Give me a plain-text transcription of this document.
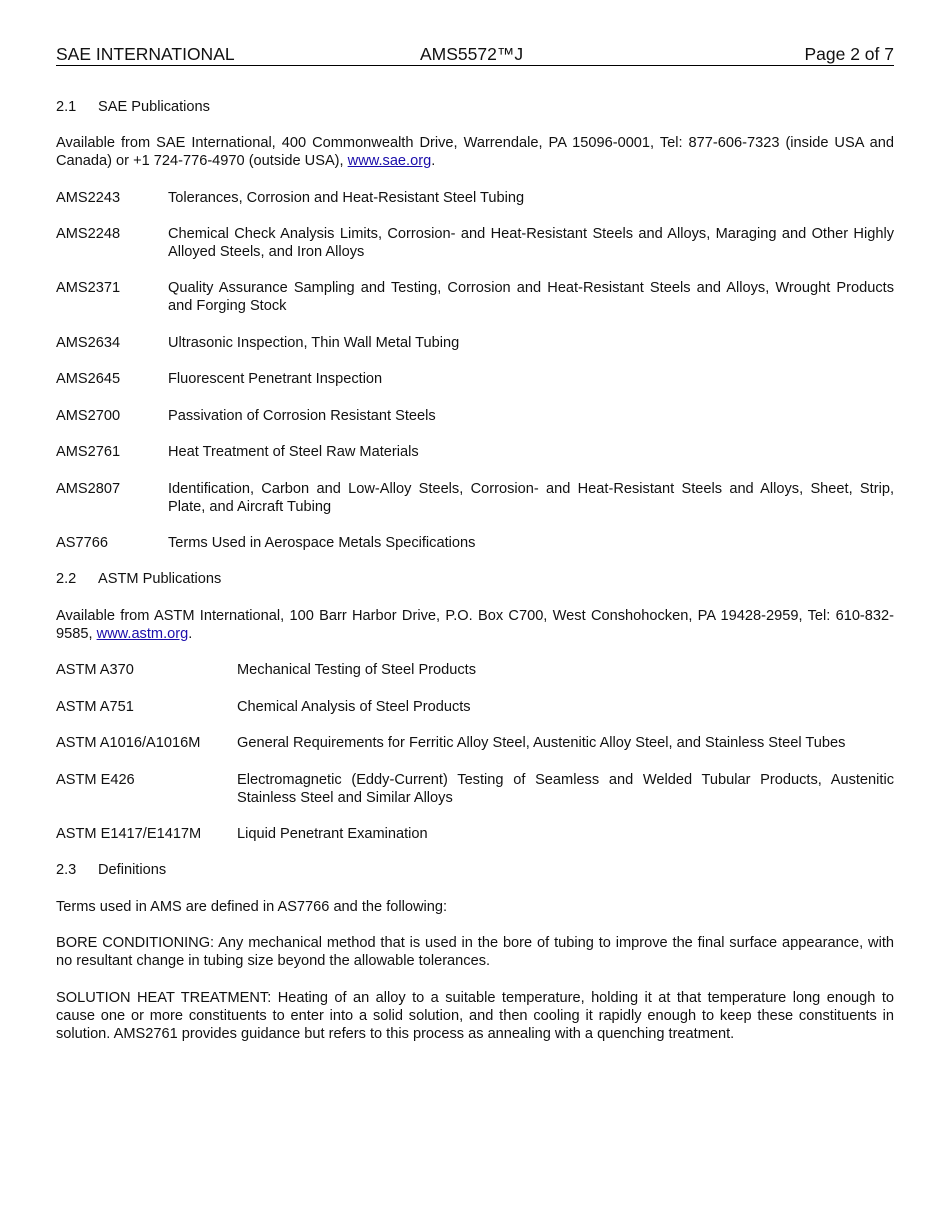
SAE INTERNATIONAL	AMS5572™J	Page 2 of 7
2.1 SAE Publications
Available from SAE International, 400 Commonwealth Drive, Warrendale, PA 15096-0001, Tel: 877-606-7323 (inside USA and Canada) or +1 724-776-4970 (outside USA), www.sae.org.
AMS2243	Tolerances, Corrosion and Heat-Resistant Steel Tubing
AMS2248	Chemical Check Analysis Limits, Corrosion- and Heat-Resistant Steels and Alloys, Maraging and Other Highly Alloyed Steels, and Iron Alloys
AMS2371	Quality Assurance Sampling and Testing, Corrosion and Heat-Resistant Steels and Alloys, Wrought Products and Forging Stock
AMS2634	Ultrasonic Inspection, Thin Wall Metal Tubing
AMS2645	Fluorescent Penetrant Inspection
AMS2700	Passivation of Corrosion Resistant Steels
AMS2761	Heat Treatment of Steel Raw Materials
AMS2807	Identification, Carbon and Low-Alloy Steels, Corrosion- and Heat-Resistant Steels and Alloys, Sheet, Strip, Plate, and Aircraft Tubing
AS7766	Terms Used in Aerospace Metals Specifications
2.2 ASTM Publications
Available from ASTM International, 100 Barr Harbor Drive, P.O. Box C700, West Conshohocken, PA 19428-2959, Tel: 610-832-9585, www.astm.org.
ASTM A370	Mechanical Testing of Steel Products
ASTM A751	Chemical Analysis of Steel Products
ASTM A1016/A1016M	General Requirements for Ferritic Alloy Steel, Austenitic Alloy Steel, and Stainless Steel Tubes
ASTM E426	Electromagnetic (Eddy-Current) Testing of Seamless and Welded Tubular Products, Austenitic Stainless Steel and Similar Alloys
ASTM E1417/E1417M Liquid Penetrant Examination
2.3 Definitions
Terms used in AMS are defined in AS7766 and the following:
BORE CONDITIONING: Any mechanical method that is used in the bore of tubing to improve the final surface appearance, with no resultant change in tubing size beyond the allowable tolerances.
SOLUTION HEAT TREATMENT: Heating of an alloy to a suitable temperature, holding it at that temperature long enough to cause one or more constituents to enter into a solid solution, and then cooling it rapidly enough to keep these constituents in solution. AMS2761 provides guidance but refers to this process as annealing with a quenching treatment.
